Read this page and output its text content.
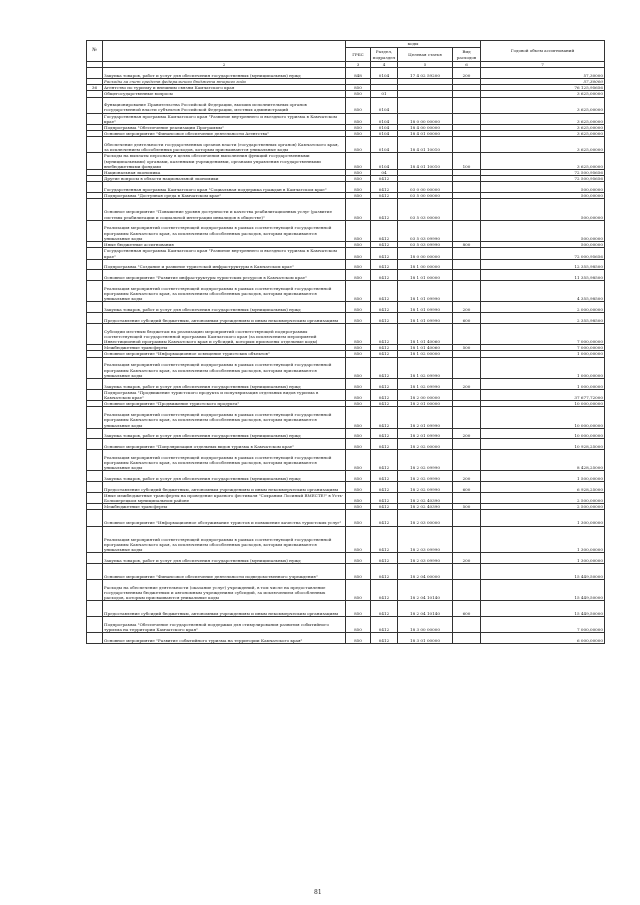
№		коды				Годовой объем ассигнований
		ГРБС	Раздел, подраздел	Целевая статья	Вид расходов	
	2	3	4	5	6	7
	Закупка товаров, работ и услуг для обеспечения государственных (муниципальных) нужд	848	0104	17 4 02 59200	200	57,30000
	Расходы за счет средств федерального бюджета второго года					57,30000
36	Агентство по туризму и внешним связям Камчатского края	850				76 125,95656
	Общегосударственные вопросы	850	01			3 625,00000
	Функционирование Правительства Российской Федерации, высших исполнительных органов государственной власти субъектов Российской Федерации, местных администраций	850	0104			3 625,00000
	Государственная программа Камчатского края "Развитие внутреннего и въездного туризма в Камчатском крае"	850	0104	18 0 00 00000		3 625,00000
	Подпрограмма "Обеспечение реализации Программы"	850	0104	18 4 00 00000		3 625,00000
	Основное мероприятие "Финансовое обеспечение деятельности Агентства"	850	0104	18 4 01 00000		3 625,00000
	Обеспечение деятельности государственных органов власти (государственных органов) Камчатского края, за исключением обособленных расходов, которым присваиваются уникальные коды	850	0104	18 4 01 10010		3 625,00000
	Расходы на выплаты персоналу в целях обеспечения выполнения функций государственными (муниципальными) органами, казенными учреждениями, органами управления государственными внебюджетными фондами	850	0104	18 4 01 10010	100	3 625,00000
	Национальная экономика	850	04			72 500,95656
	Другие вопросы в области национальной экономики	850	0412			72 500,95656
	Государственная программа Камчатского края "Социальная поддержка граждан в Камчатском крае"	850	0412	03 0 00 00000		500,00000
	Подпрограмма "Доступная среда в Камчатском крае"	850	0412	03 5 00 00000		500,00000
	Основное мероприятие "Повышение уровня доступности и качества реабилитационных услуг (развитие системы реабилитации и социальной интеграции инвалидов в обществе)"	850	0412	03 5 03 00000		500,00000
	Реализация мероприятий соответствующей подпрограммы в рамках соответствующей государственной программы Камчатского края, за исключением обособленных расходов, которым присваиваются уникальные коды	850	0412	03 5 03 09990		500,00000
	Иные бюджетные ассигнования	850	0412	03 5 03 09990	800	500,00000
	Государственная программа Камчатского края "Развитие внутреннего и въездного туризма в Камчатском крае"	850	0412	18 0 00 00000		72 000,95656
	Подпрограмма "Создание и развитие туристской инфраструктуры в Камчатском крае"	850	0412	18 1 00 00000		12 355,98500
	Основное мероприятие "Развитие инфраструктуры туристских ресурсов в Камчатском крае"	850	0412	18 1 01 00000		11 355,98500
	Реализация мероприятий соответствующей подпрограммы в рамках соответствующей государственной программы Камчатского края, за исключением обособленных расходов, которым присваиваются уникальные коды	850	0412	18 1 01 09990		4 355,98500
	Закупка товаров, работ и услуг для обеспечения государственных (муниципальных) нужд	850	0412	18 1 01 09990	200	2 000,00000
	Предоставление субсидий бюджетным, автономным учреждениям и иным некоммерческим организациям	850	0412	18 1 01 09990	600	2 355,98500
	Субсидии местным бюджетам на реализацию мероприятий соответствующей подпрограммы соответствующей государственной программы Камчатского края (за исключением мероприятий Инвестиционной программы Камчатского края и субсидий, которым присвоены отдельные коды)	850	0412	18 1 01 40060		7 000,00000
	Межбюджетные трансферты	850	0412	18 1 01 40060	500	7 000,00000
	Основное мероприятие "Информационное освещение туристских объектов"	850	0412	18 1 02 00000		1 000,00000
	Реализация мероприятий соответствующей подпрограммы в рамках соответствующей государственной программы Камчатского края, за исключением обособленных расходов, которым присваиваются уникальные коды	850	0412	18 1 02 09990		1 000,00000
	Закупка товаров, работ и услуг для обеспечения государственных (муниципальных) нужд	850	0412	18 1 02 09990	200	1 000,00000
	Подпрограмма "Продвижение туристского продукта и популяризация отдельных видов туризма в Камчатском крае"	850	0412	18 2 00 00000		37 677,72000
	Основное мероприятие "Продвижение туристского продукта"	850	0412	18 2 01 00000		10 000,00000
	Реализация мероприятий соответствующей подпрограммы в рамках соответствующей государственной программы Камчатского края, за исключением обособленных расходов, которым присваиваются уникальные коды	850	0412	18 2 01 09990		10 000,00000
	Закупка товаров, работ и услуг для обеспечения государственных (муниципальных) нужд	850	0412	18 2 01 09990	200	10 000,00000
	Основное мероприятие "Популяризация отдельных видов туризма в Камчатском крае"	850	0412	18 2 02 00000		10 928,25000
	Реализация мероприятий соответствующей подпрограммы в рамках соответствующей государственной программы Камчатского края, за исключением обособленных расходов, которым присваиваются уникальные коды	850	0412	18 2 02 09990		8 428,25000
	Закупка товаров, работ и услуг для обеспечения государственных (муниципальных) нужд	850	0412	18 2 02 09990	200	1 500,00000
	Предоставление субсидий бюджетным, автономным учреждениям и иным некоммерческим организациям	850	0412	18 2 02 09990	600	6 928,25000
	Иные межбюджетные трансферты на проведение краевого фестиваля "Сохраним Лосиный ВМЕСТЕ!" в Усть-Большерецком муниципальном районе	850	0412	18 2 02 40390		2 500,00000
	Межбюджетные трансферты	850	0412	18 2 02 40390	500	2 500,00000
	Основное мероприятие "Информационное обслуживание туристов и повышение качества туристских услуг"	850	0412	18 2 03 00000		1 300,00000
	Реализация мероприятий соответствующей подпрограммы в рамках соответствующей государственной программы Камчатского края, за исключением обособленных расходов, которым присваиваются уникальные коды	850	0412	18 2 03 09990		1 300,00000
	Закупка товаров, работ и услуг для обеспечения государственных (муниципальных) нужд	850	0412	18 2 03 09990	200	1 300,00000
	Основное мероприятие "Финансовое обеспечение деятельности подведомственного учреждения"	850	0412	18 2 04 00000		15 449,50000
	Расходы на обеспечение деятельности (оказание услуг) учреждений, в том числе на предоставление государственным бюджетным и автономным учреждениям субсидий, за исключением обособленных расходов, которым присваиваются уникальные коды	850	0412	18 2 04 10140		15 449,50000
	Предоставление субсидий бюджетным, автономным учреждениям и иным некоммерческим организациям	850	0412	18 2 04 10140	600	15 449,50000
	Подпрограмма "Обеспечение государственной поддержки для стимулирования развития событийного туризма на территории Камчатского края"	850	0412	18 3 00 00000		7 000,00000
	Основное мероприятие "Развитие событийного туризма на территории Камчатского края"	850	0412	18 3 01 00000		6 000,00000
81
